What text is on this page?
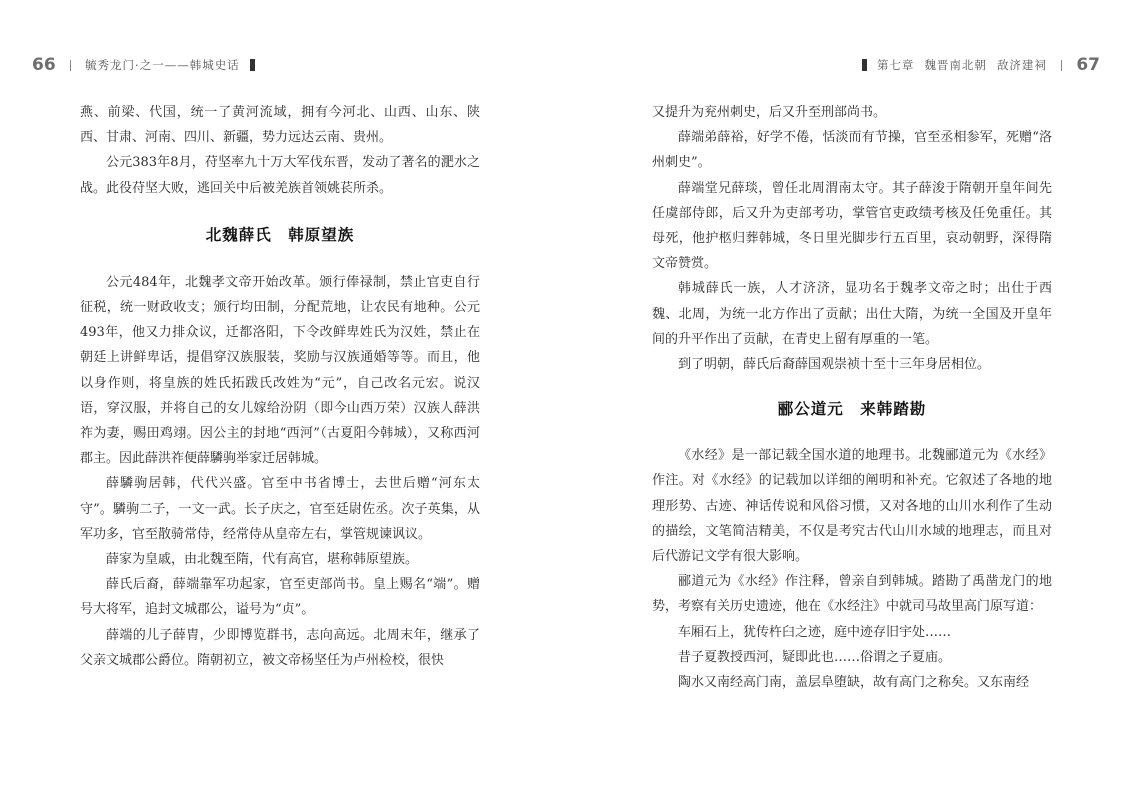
66	毓秀龙门·之一——韩城史话

燕、前梁、代国，统一了黄河流域，拥有今河北、山西、山东、陕西、甘肃、河南、四川、新疆，势力远达云南、贵州。

公元383年8月，苻坚率九十万大军伐东晋，发动了著名的淝水之战。此役苻坚大败，逃回关中后被羌族首领姚苌所杀。

北魏薛氏　韩原望族

公元484年，北魏孝文帝开始改革。颁行俸禄制，禁止官吏自行征税，统一财政收支；颁行均田制，分配荒地，让农民有地种。公元493年，他又力排众议，迁都洛阳，下令改鲜卑姓氏为汉姓，禁止在朝廷上讲鲜卑话，提倡穿汉族服装，奖励与汉族通婚等等。而且，他以身作则，将皇族的姓氏拓跋氏改姓为“元”，自己改名元宏。说汉语，穿汉服，并将自己的女儿嫁给汾阴（即今山西万荣）汉族人薛洪祚为妻，赐田鸡翊。因公主的封地“西河”（古夏阳今韩城），又称西河郡主。因此薛洪祚便薛驎驹举家迁居韩城。

薛驎驹居韩，代代兴盛。官至中书省博士，去世后赠“河东太守”。驎驹二子，一文一武。长子庆之，官至廷尉佐丞。次子英集，从军功多，官至散骑常侍，经常侍从皇帝左右，掌管规谏讽议。

薛家为皇戚，由北魏至隋，代有高官，堪称韩原望族。

薛氏后裔，薛端靠军功起家，官至吏部尚书。皇上赐名“端”。赠号大将军，追封文城郡公，谥号为“贞”。

薛端的儿子薛胄，少即博览群书，志向高远。北周末年，继承了父亲文城郡公爵位。隋朝初立，被文帝杨坚任为卢州检校，很快

第七章 魏晋南北朝 敌济建祠 67

又提升为兖州刺史，后又升至刑部尚书。

薛端弟薛裕，好学不倦，恬淡而有节操，官至丞相参军，死赠“洛州刺史”。

薛端堂兄薛琰，曾任北周渭南太守。其子薛浚于隋朝开皇年间先任虞部侍郎，后又升为吏部考功，掌管官吏政绩考核及任免重任。其母死，他护柩归葬韩城，冬日里光脚步行五百里，哀动朝野，深得隋文帝赞赏。

韩城薛氏一族，人才济济，显功名于魏孝文帝之时；出仕于西魏、北周，为统一北方作出了贡献；出仕大隋，为统一全国及开皇年间的升平作出了贡献，在青史上留有厚重的一笔。

到了明朝，薛氏后裔薛国观崇祯十至十三年身居相位。

郦公道元　来韩踏勘

《水经》是一部记载全国水道的地理书。北魏郦道元为《水经》作注。对《水经》的记载加以详细的阐明和补充。它叙述了各地的地理形势、古迹、神话传说和风俗习惯，又对各地的山川水利作了生动的描绘，文笔简洁精美，不仅是考究古代山川水域的地理志，而且对后代游记文学有很大影响。

郦道元为《水经》作注释，曾亲自到韩城。踏勘了禹凿龙门的地势，考察有关历史遗迹，他在《水经注》中就司马故里高门原写道：

车厢石上，犹传杵臼之迹，庭中迹存旧宇处……

昔子夏教授西河，疑即此也……俗谓之子夏庙。

陶水又南经高门南，盖层阜堕缺，故有高门之称矣。又东南经
